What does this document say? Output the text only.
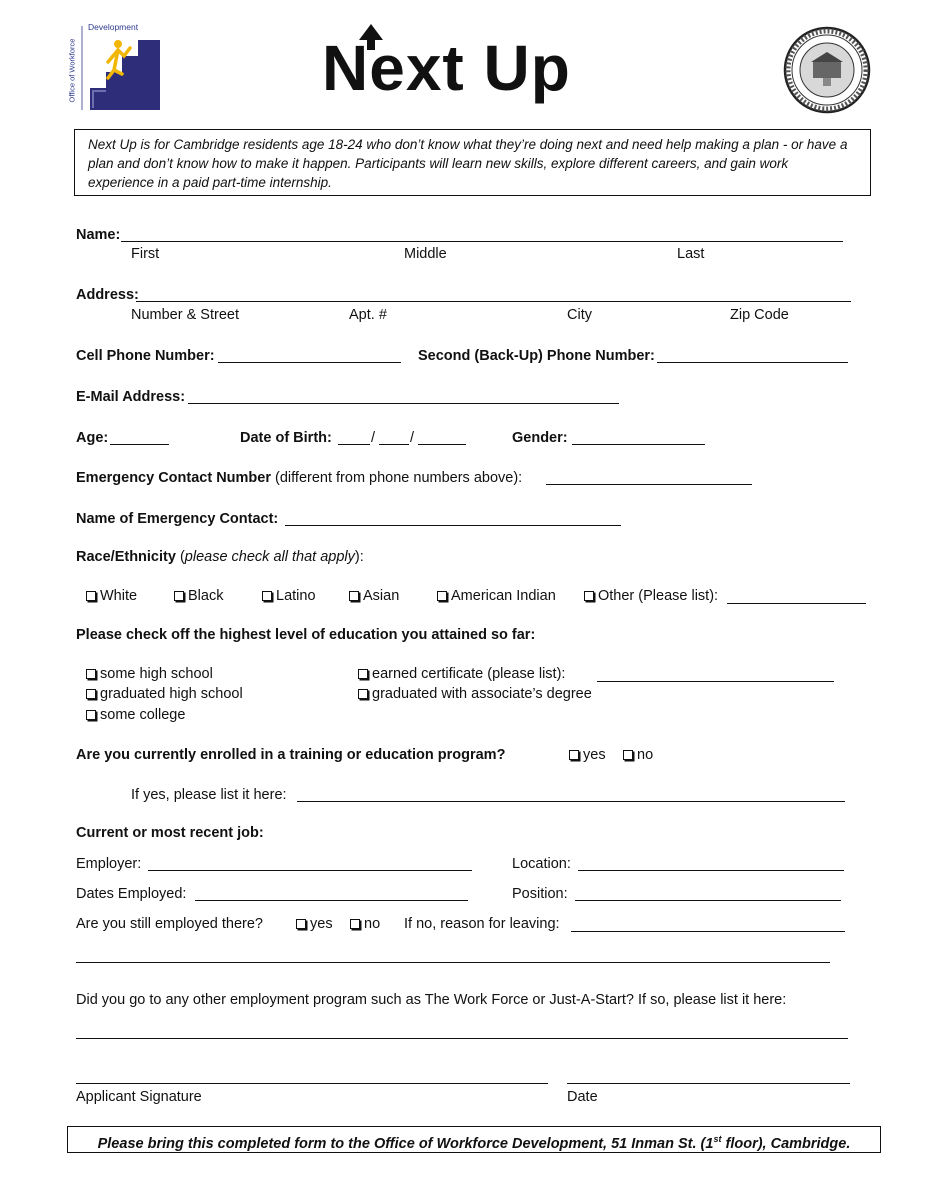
Development
Office of Workforce	Next Up
Next Up is for Cambridge residents age 18-24 who don’t know what they’re doing next and need help making a plan - or have a plan and don’t know how to make it happen. Participants will learn new skills, explore different careers, and gain work experience in a paid part-time internship.
Name:
First	Middle	Last
Address:
Number & Street	Apt. #	City	Zip Code
Cell Phone Number:	Second (Back-Up) Phone Number:
E-Mail Address:
Age:	Date of Birth:	/ /	Gender:
Emergency Contact Number (different from phone numbers above):
Name of Emergency Contact:
Race/Ethnicity (please check all that apply):
White	Black	Latino	Asian	American Indian	Other (Please list):
Please check off the highest level of education you attained so far:
some high school
graduated high school
some college
earned certificate (please list):
graduated with associate’s degree
Are you currently enrolled in a training or education program?	yes	no
If yes, please list it here:
Current or most recent job:
Employer:	Location:
Dates Employed:	Position:
Are you still employed there?	yes	no If no, reason for leaving:
Did you go to any other employment program such as The Work Force or Just-A-Start? If so, please list it here:
Applicant Signature	Date
Please bring this completed form to the Office of Workforce Development, 51 Inman St. (1st floor), Cambridge.
